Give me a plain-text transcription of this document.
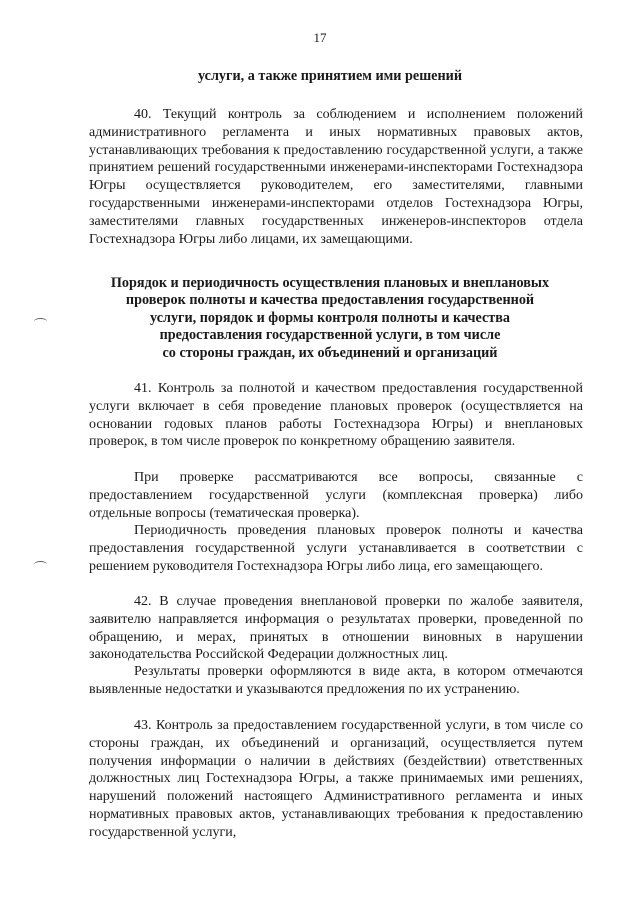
17
услуги, а также принятием ими решений

40. Текущий контроль за соблюдением и исполнением положений административного регламента и иных нормативных правовых актов, устанавливающих требования к предоставлению государственной услуги, а также принятием решений государственными инженерами-инспекторами Гостехнадзора Югры осуществляется руководителем, его заместителями, главными государственными инженерами-инспекторами отделов Гостехнадзора Югры, заместителями главных государственных инженеров-инспекторов отдела Гостехнадзора Югры либо лицами, их замещающими.

Порядок и периодичность осуществления плановых и внеплановых
проверок полноты и качества предоставления государственной
услуги, порядок и формы контроля полноты и качества
предоставления государственной услуги, в том числе
со стороны граждан, их объединений и организаций

41. Контроль за полнотой и качеством предоставления государственной услуги включает в себя проведение плановых проверок (осуществляется на основании годовых планов работы Гостехнадзора Югры) и внеплановых проверок, в том числе проверок по конкретному обращению заявителя.

При проверке рассматриваются все вопросы, связанные с предоставлением государственной услуги (комплексная проверка) либо отдельные вопросы (тематическая проверка).

Периодичность проведения плановых проверок полноты и качества предоставления государственной услуги устанавливается в соответствии с решением руководителя Гостехнадзора Югры либо лица, его замещающего.

42. В случае проведения внеплановой проверки по жалобе заявителя, заявителю направляется информация о результатах проверки, проведенной по обращению, и мерах, принятых в отношении виновных в нарушении законодательства Российской Федерации должностных лиц.

Результаты проверки оформляются в виде акта, в котором отмечаются выявленные недостатки и указываются предложения по их устранению.

43. Контроль за предоставлением государственной услуги, в том числе со стороны граждан, их объединений и организаций, осуществляется путем получения информации о наличии в действиях (бездействии) ответственных должностных лиц Гостехнадзора Югры, а также принимаемых ими решениях, нарушений положений настоящего Административного регламента и иных нормативных правовых актов, устанавливающих требования к предоставлению государственной услуги,
